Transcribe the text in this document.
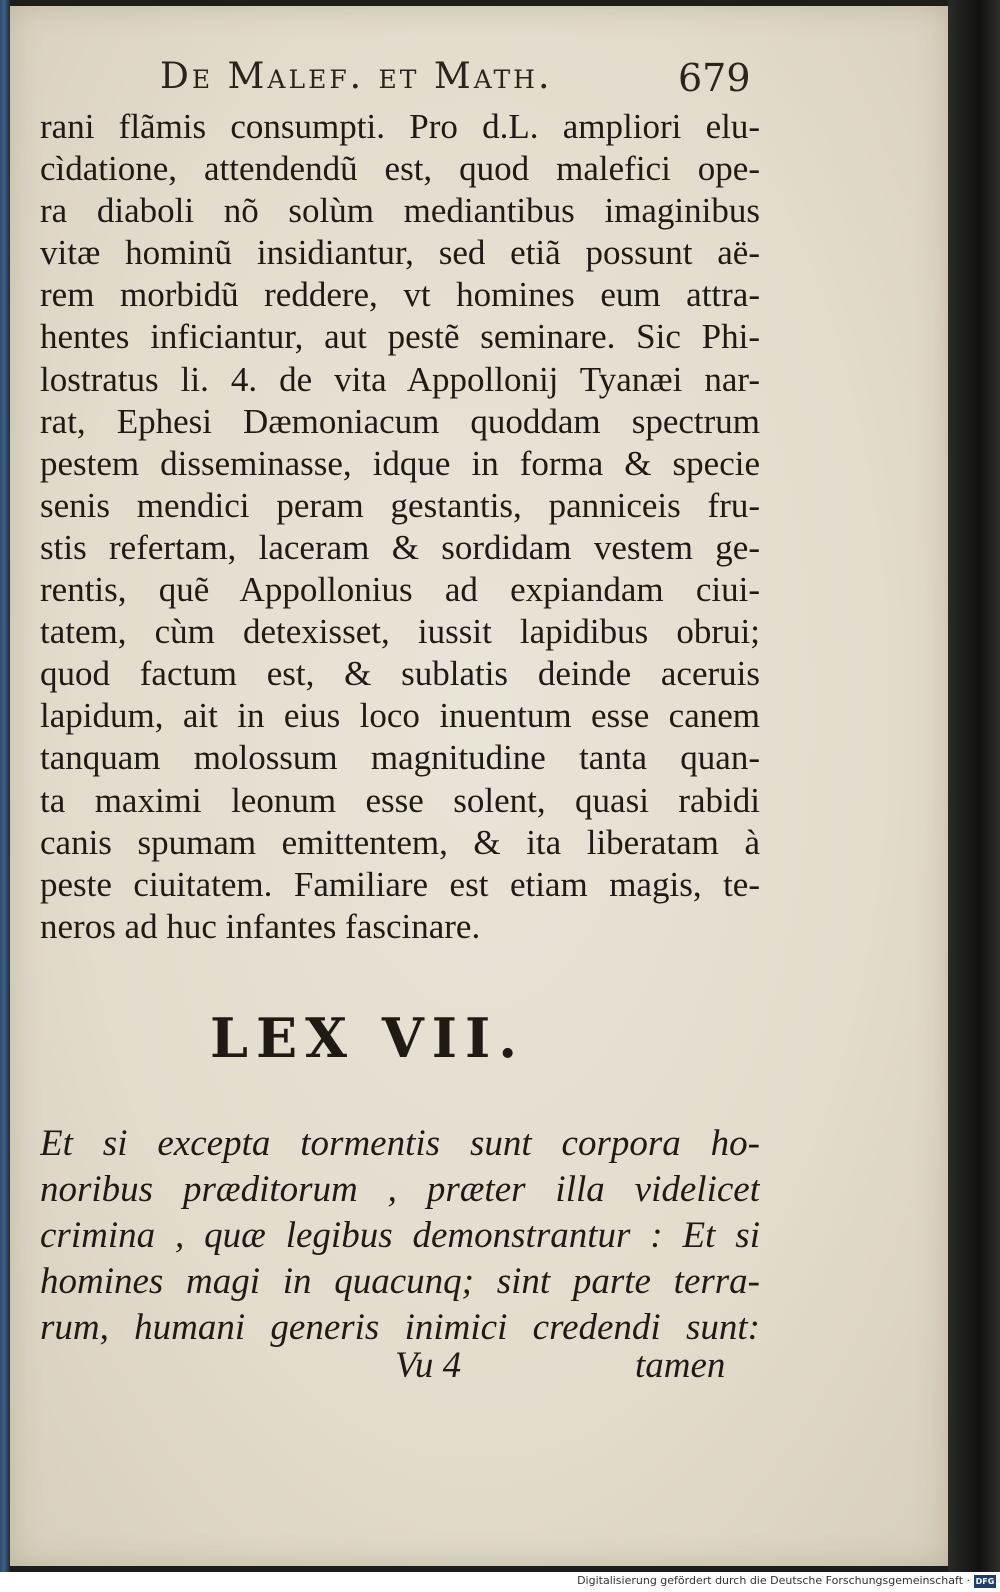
De Malef. et Math.	679
rani flãmis consumpti. Pro d.L. ampliori elu-
cìdatione, attendendũ est, quod malefici ope-
ra diaboli nõ solùm mediantibus imaginibus
vitæ hominũ insidiantur, sed etiã possunt aë-
rem morbidũ reddere, vt homines eum attra-
hentes inficiantur, aut pestẽ seminare. Sic Phi-
lostratus li. 4. de vita Appollonij Tyanæi nar-
rat, Ephesi Dæmoniacum quoddam spectrum
pestem disseminasse, idque in forma & specie
senis mendici peram gestantis, panniceis fru-
stis refertam, laceram & sordidam vestem ge-
rentis, quẽ Appollonius ad expiandam ciui-
tatem, cùm detexisset, iussit lapidibus obrui;
quod factum est, & sublatis deinde aceruis
lapidum, ait in eius loco inuentum esse canem
tanquam molossum magnitudine tanta quan-
ta maximi leonum esse solent, quasi rabidi
canis spumam emittentem, & ita liberatam à
peste ciuitatem. Familiare est etiam magis, te-
neros ad huc infantes fascinare.
LEX VII.
Et si excepta tormentis sunt corpora ho-
noribus præditorum , præter illa videlicet
crimina , quæ legibus demonstrantur : Et si
homines magi in quacunq; sint parte terra-
rum, humani generis inimici credendi sunt:
Vu 4	tamen
Digitalisierung gefördert durch die Deutsche Forschungsgemeinschaft · DFG
